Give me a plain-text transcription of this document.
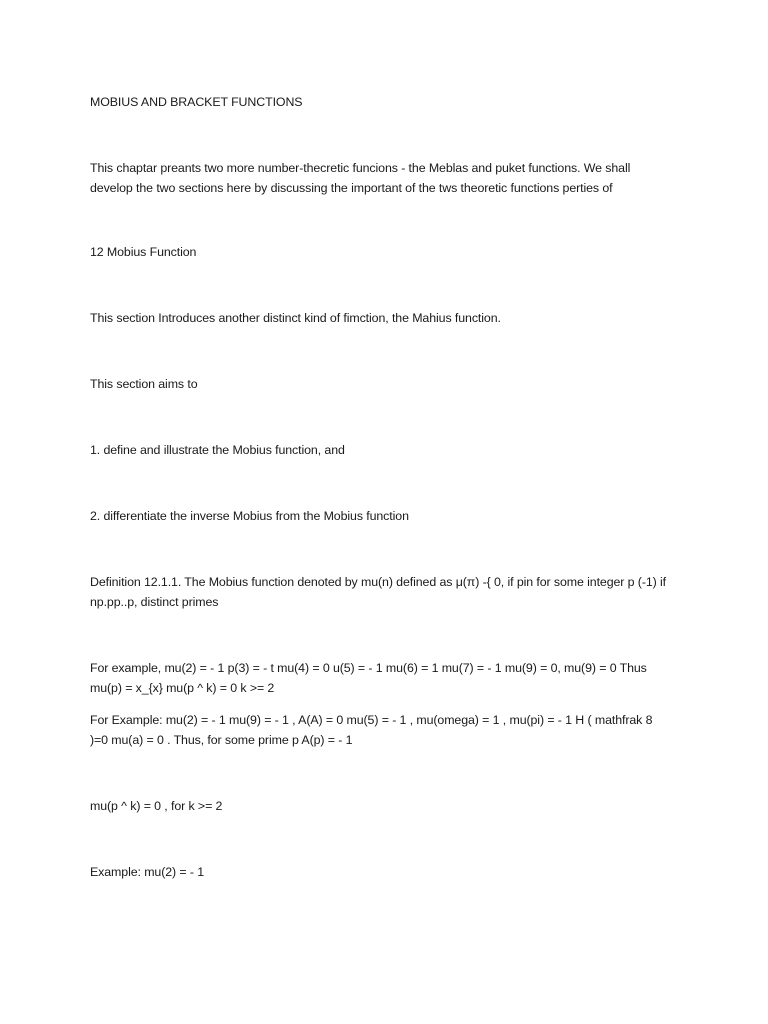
MOBIUS AND BRACKET FUNCTIONS

This chaptar preants two more number-thecretic funcions - the Meblas and puket functions. We shall develop the two sections here by discussing the important of the tws theoretic functions perties of

12 Mobius Function

This section Introduces another distinct kind of fimction, the Mahius function.

This section aims to

1. define and illustrate the Mobius function, and

2. differentiate the inverse Mobius from the Mobius function

Definition 12.1.1. The Mobius function denoted by mu(n) defined as μ(π) -{ 0, if pin for some integer p (-1) if np.pp..p, distinct primes

For example, mu(2) = - 1 p(3) = - t mu(4) = 0 u(5) = - 1 mu(6) = 1 mu(7) = - 1 mu(9) = 0, mu(9) = 0 Thus mu(p) = x_{x} mu(p ^ k) = 0 k >= 2

For Example: mu(2) = - 1 mu(9) = - 1 , A(A) = 0 mu(5) = - 1 , mu(omega) = 1 , mu(pi) = - 1 H ( mathfrak 8 )=0 mu(a) = 0 . Thus, for some prime p A(p) = - 1

mu(p ^ k) = 0 , for k >= 2

Example: mu(2) = - 1
